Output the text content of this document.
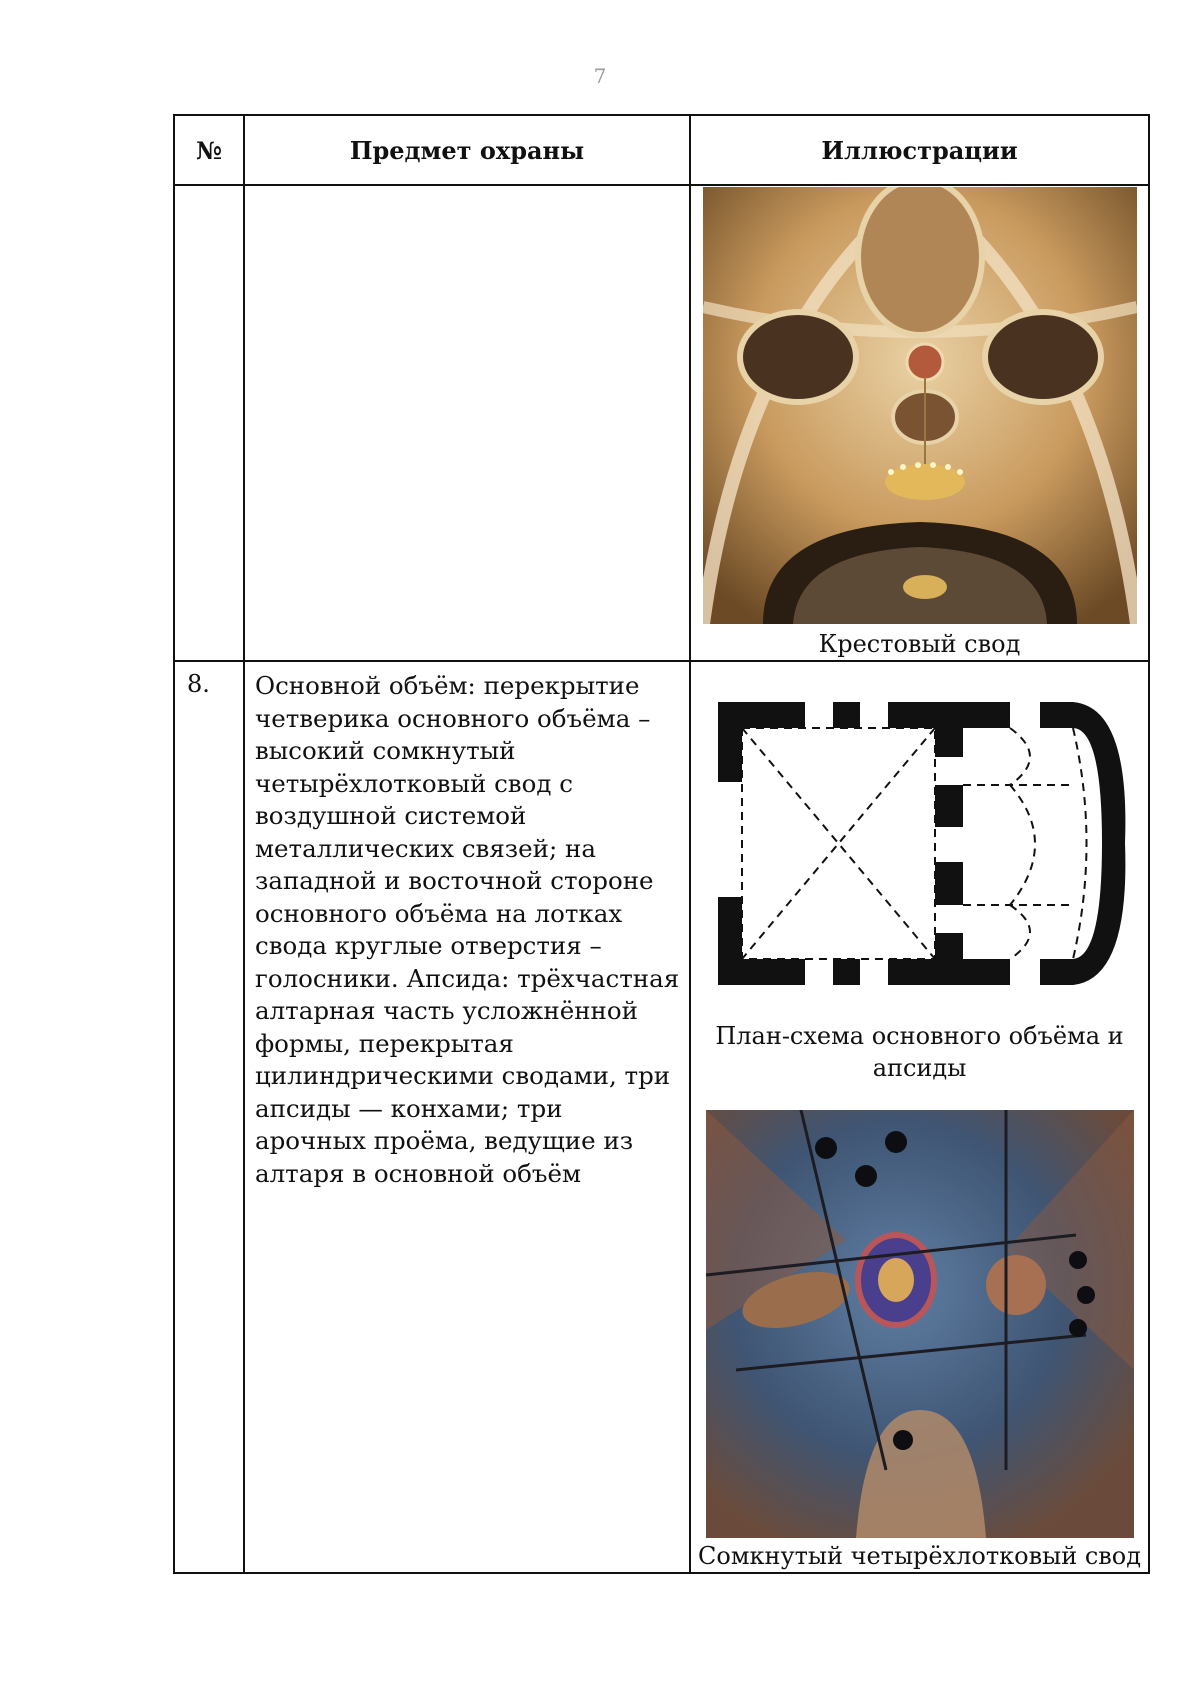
7
№	Предмет охраны	Иллюстрации

		Крестовый свод

8.	Основной объём: перекрытие четверика основного объёма – высокий сомкнутый четырёхлотковый свод с воздушной системой металлических связей; на западной и восточной стороне основного объёма на лотках свода круглые отверстия – голосники. Апсида: трёхчастная алтарная часть усложнённой формы, перекрытая цилиндрическими сводами, три апсиды — конхами; три арочных проёма, ведущие из алтаря в основной объём	План-схема основного объёма и апсиды
Сомкнутый четырёхлотковый свод
